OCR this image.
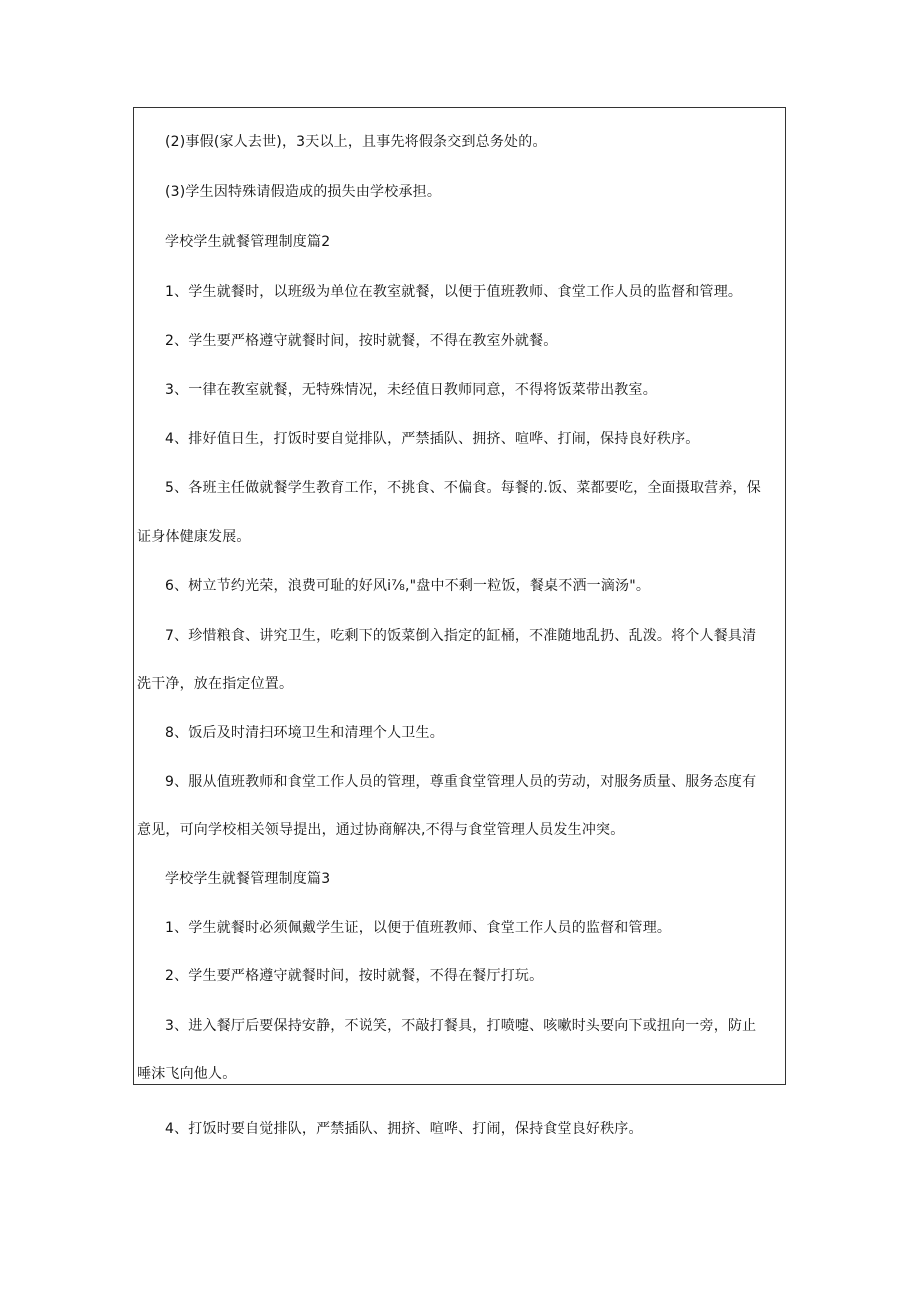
(2)事假(家人去世)，3天以上，且事先将假条交到总务处的。
(3)学生因特殊请假造成的损失由学校承担。
学校学生就餐管理制度篇2
1、学生就餐时，以班级为单位在教室就餐，以便于值班教师、食堂工作人员的监督和管理。
2、学生要严格遵守就餐时间，按时就餐，不得在教室外就餐。
3、一律在教室就餐，无特殊情况，未经值日教师同意，不得将饭菜带出教室。
4、排好值日生，打饭时要自觉排队，严禁插队、拥挤、喧哗、打闹，保持良好秩序。
5、各班主任做就餐学生教育工作，不挑食、不偏食。每餐的.饭、菜都要吃，全面摄取营养，保
证身体健康发展。
6、树立节约光荣，浪费可耻的好风i⅞,"盘中不剩一粒饭，餐桌不洒一滴汤"。
7、珍惜粮食、讲究卫生，吃剩下的饭菜倒入指定的缸桶，不准随地乱扔、乱泼。将个人餐具清
洗干净，放在指定位置。
8、饭后及时清扫环境卫生和清理个人卫生。
9、服从值班教师和食堂工作人员的管理，尊重食堂管理人员的劳动，对服务质量、服务态度有
意见，可向学校相关领导提出，通过协商解决,不得与食堂管理人员发生冲突。
学校学生就餐管理制度篇3
1、学生就餐时必须佩戴学生证，以便于值班教师、食堂工作人员的监督和管理。
2、学生要严格遵守就餐时间，按时就餐，不得在餐厅打玩。
3、进入餐厅后要保持安静，不说笑，不敲打餐具，打喷嚏、咳嗽时头要向下或扭向一旁，防止
唾沫飞向他人。
4、打饭时要自觉排队，严禁插队、拥挤、喧哗、打闹，保持食堂良好秩序。
